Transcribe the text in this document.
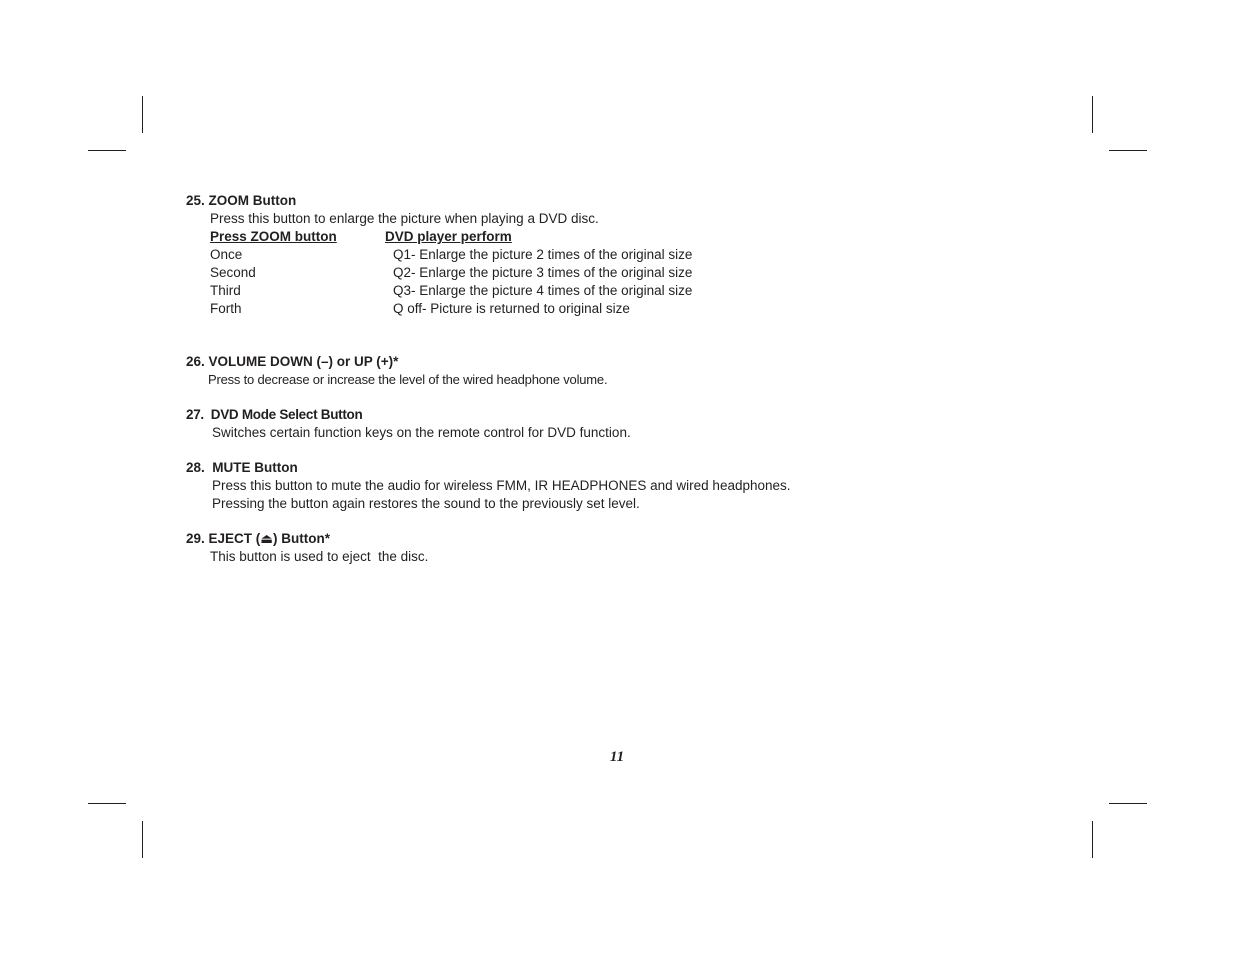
25. ZOOM Button
Press this button to enlarge the picture when playing a DVD disc.
Press ZOOM button	DVD player perform
Once	Q1- Enlarge the picture 2 times of the original size
Second	Q2- Enlarge the picture 3 times of the original size
Third	Q3- Enlarge the picture 4 times of the original size
Forth	Q off- Picture is returned to original size
26. VOLUME DOWN (–) or UP (+)*
Press to decrease or increase the level of the wired headphone volume.
27.  DVD Mode Select Button
Switches certain function keys on the remote control for DVD function.
28.  MUTE Button
Press this button to mute the audio for wireless FMM, IR HEADPHONES and wired headphones.
Pressing the button again restores the sound to the previously set level.
29. EJECT (⏏) Button*
This button is used to eject  the disc.
11
